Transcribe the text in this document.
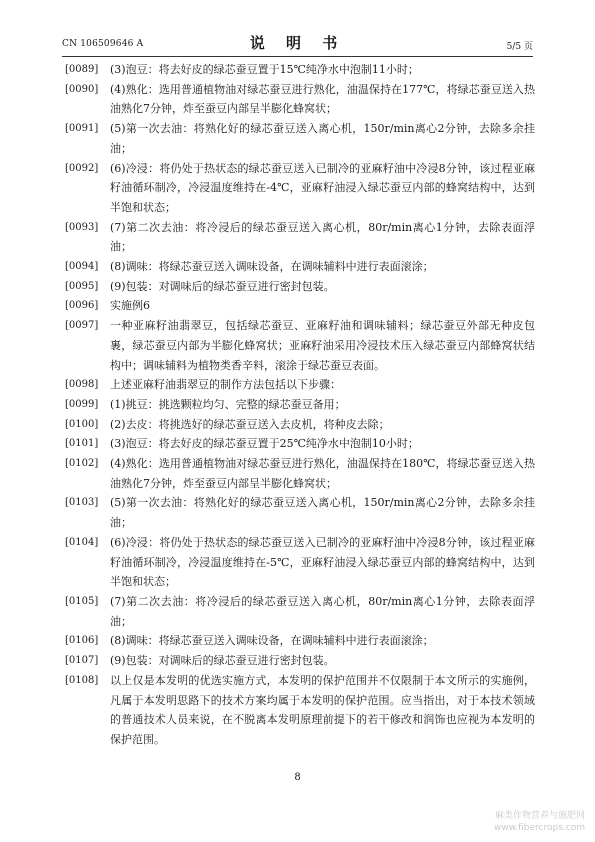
CN 106509646 A	说 明 书	5/5 页
[0089]	(3)泡豆：将去好皮的绿芯蚕豆置于15℃纯净水中泡制11小时；
[0090]	(4)熟化：选用普通植物油对绿芯蚕豆进行熟化，油温保持在177℃，将绿芯蚕豆送入热油熟化7分钟，炸至蚕豆内部呈半膨化蜂窝状；
[0091]	(5)第一次去油：将熟化好的绿芯蚕豆送入离心机，150r/min离心2分钟，去除多余挂油；
[0092]	(6)冷浸：将仍处于热状态的绿芯蚕豆送入已制冷的亚麻籽油中冷浸8分钟，该过程亚麻籽油循环制冷，冷浸温度维持在-4℃，亚麻籽油浸入绿芯蚕豆内部的蜂窝结构中，达到半饱和状态；
[0093]	(7)第二次去油：将冷浸后的绿芯蚕豆送入离心机，80r/min离心1分钟，去除表面浮油；
[0094]	(8)调味：将绿芯蚕豆送入调味设备，在调味辅料中进行表面滚涂；
[0095]	(9)包装：对调味后的绿芯蚕豆进行密封包装。
[0096]	实施例6
[0097]	一种亚麻籽油翡翠豆，包括绿芯蚕豆、亚麻籽油和调味辅料；绿芯蚕豆外部无种皮包裹，绿芯蚕豆内部为半膨化蜂窝状；亚麻籽油采用冷浸技术压入绿芯蚕豆内部蜂窝状结构中；调味辅料为植物类香辛料，滚涂于绿芯蚕豆表面。
[0098]	上述亚麻籽油翡翠豆的制作方法包括以下步骤：
[0099]	(1)挑豆：挑选颗粒均匀、完整的绿芯蚕豆备用；
[0100]	(2)去皮：将挑选好的绿芯蚕豆送入去皮机，将种皮去除；
[0101]	(3)泡豆：将去好皮的绿芯蚕豆置于25℃纯净水中泡制10小时；
[0102]	(4)熟化：选用普通植物油对绿芯蚕豆进行熟化，油温保持在180℃，将绿芯蚕豆送入热油熟化7分钟，炸至蚕豆内部呈半膨化蜂窝状；
[0103]	(5)第一次去油：将熟化好的绿芯蚕豆送入离心机，150r/min离心2分钟，去除多余挂油；
[0104]	(6)冷浸：将仍处于热状态的绿芯蚕豆送入已制冷的亚麻籽油中冷浸8分钟，该过程亚麻籽油循环制冷，冷浸温度维持在-5℃，亚麻籽油浸入绿芯蚕豆内部的蜂窝结构中，达到半饱和状态；
[0105]	(7)第二次去油：将冷浸后的绿芯蚕豆送入离心机，80r/min离心1分钟，去除表面浮油；
[0106]	(8)调味：将绿芯蚕豆送入调味设备，在调味辅料中进行表面滚涂；
[0107]	(9)包装：对调味后的绿芯蚕豆进行密封包装。
[0108]	以上仅是本发明的优选实施方式，本发明的保护范围并不仅限制于本文所示的实施例，凡属于本发明思路下的技术方案均属于本发明的保护范围。应当指出，对于本技术领域的普通技术人员来说，在不脱离本发明原理前提下的若干修改和润饰也应视为本发明的保护范围。
8
麻类作物营养与施肥网
www.fibercrops.com
